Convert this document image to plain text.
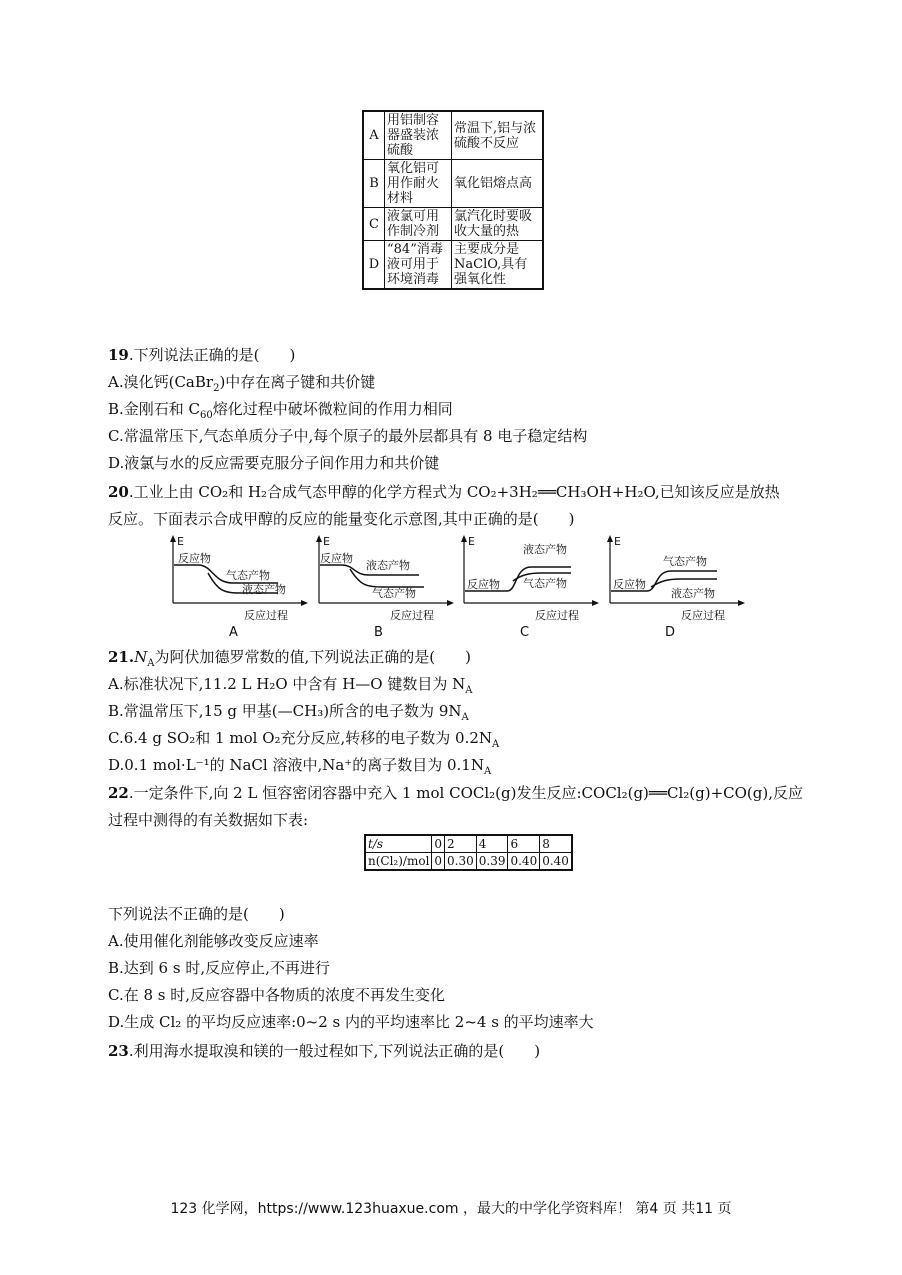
A	用铝制容器盛装浓硫酸	常温下,铝与浓硫酸不反应
B	氧化铝可用作耐火材料	氧化铝熔点高
C	液氯可用作制冷剂	氯汽化时要吸收大量的热
D	“84”消毒液可用于环境消毒	主要成分是NaClO,具有强氧化性
19.下列说法正确的是(　　)
A.溴化钙(CaBr$_2$)中存在离子键和共价键
B.金刚石和 $C_{60}$熔化过程中破坏微粒间的作用力相同
C.常温常压下,气态单质分子中,每个原子的最外层都具有 8 电子稳定结构
D.液氯与水的反应需要克服分子间作用力和共价键
20.工业上由 CO₂和 H₂合成气态甲醇的化学方程式为 CO₂+3H₂══CH₃OH+H₂O,已知该反应是放热
反应。下面表示合成甲醇的反应的能量变化示意图,其中正确的是(　　)
E
反应物
气态产物
液态产物
反应过程
A
E
反应物
液态产物
气态产物
反应过程
B
E
反应物
液态产物
气态产物
反应过程
C
E
反应物
气态产物
液态产物
反应过程
D
$21.N_A$为阿伏加德罗常数的值,下列说法正确的是(　　)
A.标准状况下,11.2 L H₂O 中含有 H—O 键数目为 $N_A$
B.常温常压下,15 g 甲基(—CH₃)所含的电子数为 $9N_A$
C.6.4 g SO₂和 1 mol O₂充分反应,转移的电子数为 $0.2N_A$
D.0.1 mol·L⁻¹的 NaCl 溶液中,Na⁺的离子数目为 $0.1N_A$
22.一定条件下,向 2 L 恒容密闭容器中充入 1 mol COCl₂(g)发生反应:COCl₂(g)══Cl₂(g)+CO(g),反应
过程中测得的有关数据如下表:
t/s	0	2	4	6	8
n(Cl₂)/mol	0	0.30	0.39	0.40	0.40
下列说法不正确的是(　　)
A.使用催化剂能够改变反应速率
B.达到 6 s 时,反应停止,不再进行
C.在 8 s 时,反应容器中各物质的浓度不再发生变化
D.生成 Cl₂ 的平均反应速率:0~2 s 内的平均速率比 2~4 s 的平均速率大
23.利用海水提取溴和镁的一般过程如下,下列说法正确的是(　　)
123 化学网，https://www.123huaxue.com ，最大的中学化学资料库！ 第4 页 共11 页
